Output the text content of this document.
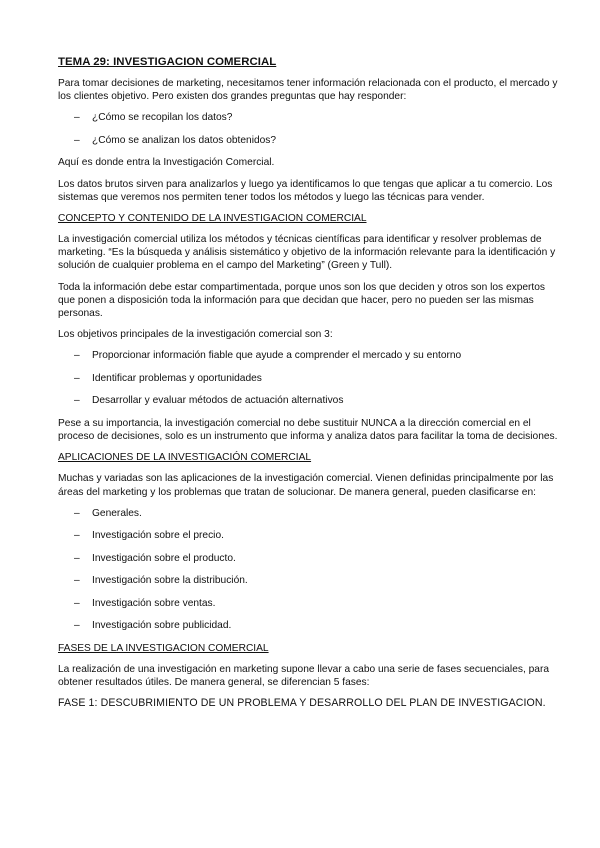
TEMA 29: INVESTIGACION COMERCIAL

Para tomar decisiones de marketing, necesitamos tener información relacionada con el producto, el mercado y los clientes objetivo. Pero existen dos grandes preguntas que hay responder:

– ¿Cómo se recopilan los datos?
– ¿Cómo se analizan los datos obtenidos?

Aquí es donde entra la Investigación Comercial.

Los datos brutos sirven para analizarlos y luego ya identificamos lo que tengas que aplicar a tu comercio. Los sistemas que veremos nos permiten tener todos los métodos y luego las técnicas para vender.

CONCEPTO Y CONTENIDO DE LA INVESTIGACION COMERCIAL

La investigación comercial utiliza los métodos y técnicas científicas para identificar y resolver problemas de marketing. “Es la búsqueda y análisis sistemático y objetivo de la información relevante para la identificación y solución de cualquier problema en el campo del Marketing” (Green y Tull).

Toda la información debe estar compartimentada, porque unos son los que deciden y otros son los expertos que ponen a disposición toda la información para que decidan que hacer, pero no pueden ser las mismas personas.

Los objetivos principales de la investigación comercial son 3:

– Proporcionar información fiable que ayude a comprender el mercado y su entorno
– Identificar problemas y oportunidades
– Desarrollar y evaluar métodos de actuación alternativos

Pese a su importancia, la investigación comercial no debe sustituir NUNCA a la dirección comercial en el proceso de decisiones, solo es un instrumento que informa y analiza datos para facilitar la toma de decisiones.

APLICACIONES DE LA INVESTIGACIÓN COMERCIAL

Muchas y variadas son las aplicaciones de la investigación comercial. Vienen definidas principalmente por las áreas del marketing y los problemas que tratan de solucionar. De manera general, pueden clasificarse en:

– Generales.
– Investigación sobre el precio.
– Investigación sobre el producto.
– Investigación sobre la distribución.
– Investigación sobre ventas.
– Investigación sobre publicidad.
FASES DE LA INVESTIGACION COMERCIAL

La realización de una investigación en marketing supone llevar a cabo una serie de fases secuenciales, para obtener resultados útiles. De manera general, se diferencian 5 fases:

FASE 1: DESCUBRIMIENTO DE UN PROBLEMA Y DESARROLLO DEL PLAN DE INVESTIGACION.
